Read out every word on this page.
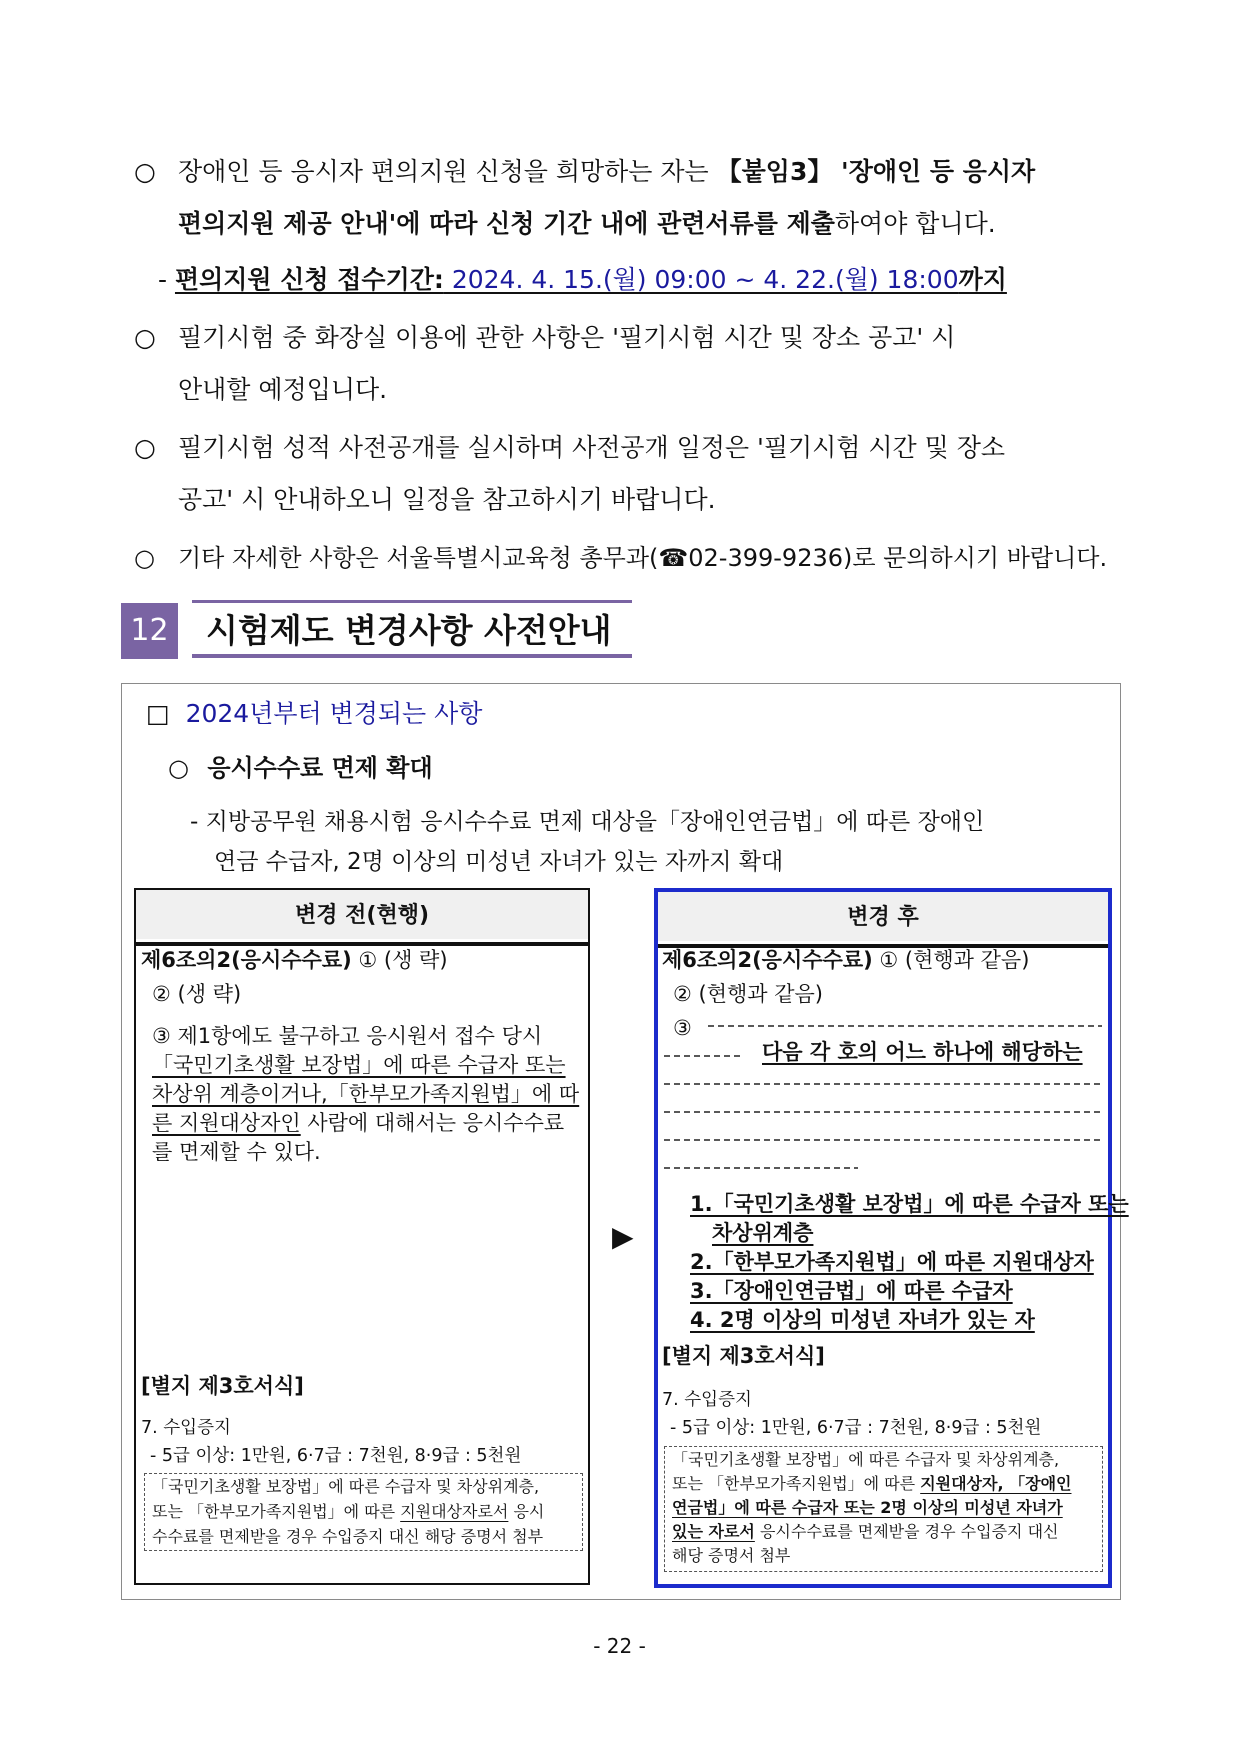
○ 장애인 등 응시자 편의지원 신청을 희망하는 자는 【붙임3】 '장애인 등 응시자
편의지원 제공 안내'에 따라 신청 기간 내에 관련서류를 제출하여야 합니다.
- 편의지원 신청 접수기간: 2024. 4. 15.(월) 09:00 ~ 4. 22.(월) 18:00까지
○ 필기시험 중 화장실 이용에 관한 사항은 '필기시험 시간 및 장소 공고' 시
안내할 예정입니다.
○ 필기시험 성적 사전공개를 실시하며 사전공개 일정은 '필기시험 시간 및 장소
공고' 시 안내하오니 일정을 참고하시기 바랍니다.
○ 기타 자세한 사항은 서울특별시교육청 총무과(☎02-399-9236)로 문의하시기 바랍니다.
12	시험제도 변경사항 사전안내
□ 2024년부터 변경되는 사항
○ 응시수수료 면제 확대
- 지방공무원 채용시험 응시수수료 면제 대상을「장애인연금법」에 따른 장애인
연금 수급자, 2명 이상의 미성년 자녀가 있는 자까지 확대
변경 전(현행)
제6조의2(응시수수료) ① (생 략)
② (생 략)
③ 제1항에도 불구하고 응시원서 접수 당시
「국민기초생활 보장법」에 따른 수급자 또는
차상위 계층이거나,「한부모가족지원법」에 따
른 지원대상자인 사람에 대해서는 응시수수료
를 면제할 수 있다.
[별지 제3호서식]
7. 수입증지
- 5급 이상: 1만원, 6·7급 : 7천원, 8·9급 : 5천원
「국민기초생활 보장법」에 따른 수급자 및 차상위계층,
또는 「한부모가족지원법」에 따른 지원대상자로서 응시
수수료를 면제받을 경우 수입증지 대신 해당 증명서 첨부
▶
변경 후
제6조의2(응시수수료) ① (현행과 같음)
② (현행과 같음)
③
다음 각 호의 어느 하나에 해당하는
1.「국민기초생활 보장법」에 따른 수급자 또는
차상위계층
2.「한부모가족지원법」에 따른 지원대상자
3.「장애인연금법」에 따른 수급자
4. 2명 이상의 미성년 자녀가 있는 자
[별지 제3호서식]
7. 수입증지
- 5급 이상: 1만원, 6·7급 : 7천원, 8·9급 : 5천원
「국민기초생활 보장법」에 따른 수급자 및 차상위계층,
또는 「한부모가족지원법」에 따른 지원대상자, 「장애인
연금법」에 따른 수급자 또는 2명 이상의 미성년 자녀가
있는 자로서 응시수수료를 면제받을 경우 수입증지 대신
해당 증명서 첨부
- 22 -
